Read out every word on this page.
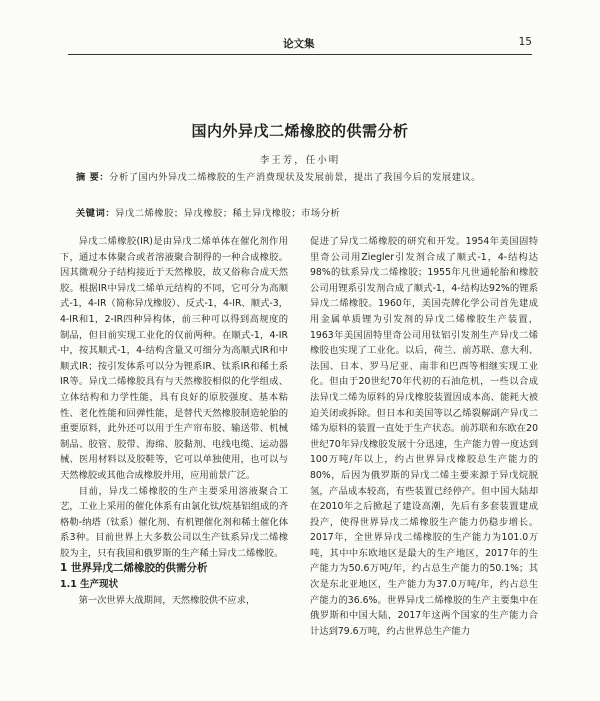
论文集	15
国内外异戊二烯橡胶的供需分析
李王芳，任小明
摘 要：分析了国内外异戊二烯橡胶的生产消费现状及发展前景，提出了我国今后的发展建议。
关键词：异戊二烯橡胶；异戊橡胶；稀土异戊橡胶；市场分析

异戊二烯橡胶(IR)是由异戊二烯单体在催化剂作用下，通过本体聚合或者溶液聚合制得的一种合成橡胶。因其微观分子结构接近于天然橡胶，故又俗称合成天然胶。根据IR中异戊二烯单元结构的不同，它可分为高顺式-1，4-IR（简称异戊橡胶）、反式-1，4-IR、顺式-3，4-IR和1，2-IR四种异构体，前三种可以得到高规度的制品，但目前实现工业化的仅前两种。在顺式-1，4-IR中，按其顺式-1，4-结构含量又可细分为高顺式IR和中顺式IR；按引发体系可以分为锂系IR、钛系IR和稀土系IR等。异戊二烯橡胶具有与天然橡胶相似的化学组成、立体结构和力学性能，具有良好的原胶强度、基本粘性、老化性能和回弹性能，是替代天然橡胶制造轮胎的重要原料，此外还可以用于生产帘布胶、输送带、机械制品、胶管、胶带、海绵、胶黏剂、电线电缆、运动器械、医用材料以及胶鞋等，它可以单独使用，也可以与天然橡胶或其他合成橡胶并用，应用前景广泛。

目前，异戊二烯橡胶的生产主要采用溶液聚合工艺，工业上采用的催化体系有由氯化钛/烷基铝组成的齐格勒-纳塔（钛系）催化剂、有机锂催化剂和稀土催化体系3种。目前世界上大多数公司以生产钛系异戊二烯橡胶为主，只有我国和俄罗斯的生产稀土异戊二烯橡胶。

1 世界异戊二烯橡胶的供需分析

1.1 生产现状

第一次世界大战期间，天然橡胶供不应求，

促进了异戊二烯橡胶的研究和开发。1954年美国固特里奇公司用Ziegler引发剂合成了顺式-1，4-结构达98%的钛系异戊二烯橡胶；1955年凡世通轮胎和橡胶公司用锂系引发剂合成了顺式-1，4-结构达92%的锂系异戊二烯橡胶。1960年，美国壳牌化学公司首先建成用金属单质锂为引发剂的异戊二烯橡胶生产装置，1963年美国固特里奇公司用钛铝引发剂生产异戊二烯橡胶也实现了工业化。以后，荷兰、前苏联、意大利、法国、日本、罗马尼亚、南非和巴西等相继实现工业化。但由于20世纪70年代初的石油危机，一些以合成法异戊二烯为原料的异戊橡胶装置因成本高、能耗大被迫关闭或拆除。但日本和美国等以乙烯裂解副产异戊二烯为原料的装置一直处于生产状态。前苏联和东欧在20世纪70年异戊橡胶发展十分迅速，生产能力曾一度达到100万吨/年以上，约占世界异戊橡胶总生产能力的80%，后因为俄罗斯的异戊二烯主要来源于异戊烷脱氢，产品成本较高，有些装置已经停产。但中国大陆却在2010年之后掀起了建设高潮，先后有多套装置建成投产，使得世界异戊二烯橡胶生产能力仍稳步增长。2017年，全世界异戊二烯橡胶的生产能力为101.0万吨，其中中东欧地区是最大的生产地区，2017年的生产能力为50.6万吨/年，约占总生产能力的50.1%；其次是东北亚地区，生产能力为37.0万吨/年，约占总生产能力的36.6%。世界异戊二烯橡胶的生产主要集中在俄罗斯和中国大陆，2017年这两个国家的生产能力合计达到79.6万吨，约占世界总生产能力
